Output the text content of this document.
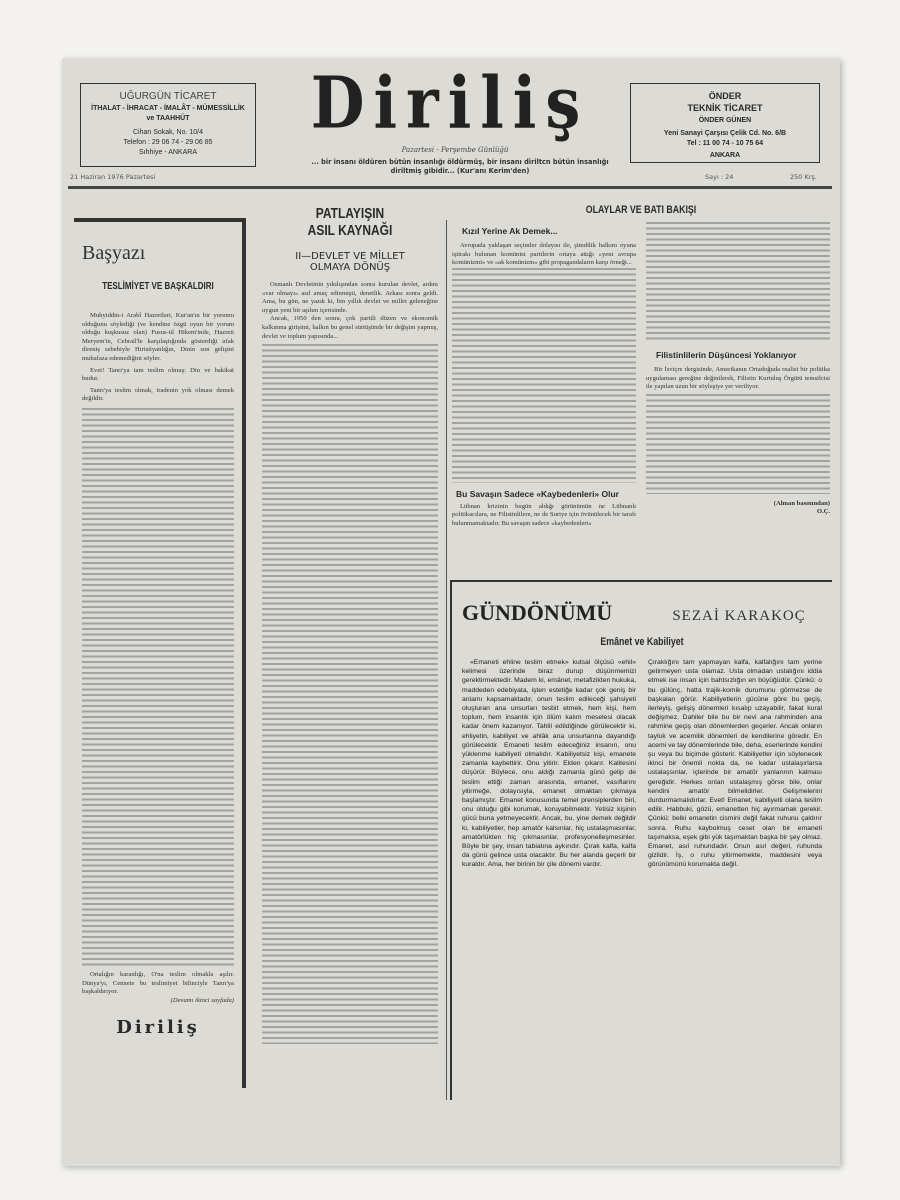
UĞURGÜN TİCARET
İTHALAT - İHRACAT - İMALÂT - MÜMESSİLLİK
ve TAAHHÜT
Cihan Sokak, No. 10/4
Telefon : 29 06 74 - 29 06 85
Sıhhiye - ANKARA
Diriliş
Pazartesi - Perşembe Günlüğü
... bir insanı öldüren bütün insanlığı öldürmüş, bir insanı diriltcn bütün insanlığı diriltmiş gibidir... (Kur'anı Kerim'den)
ÖNDER
TEKNİK TİCARET
ÖNDER GÜNEN
Yeni Sanayi Çarşısı Çelik Cd. No. 6/B
Tel : 11 00 74 - 10 75 64
ANKARA
21 Haziran 1976 Pazartesi	Sayı : 24	250 Krş.
Başyazı
TESLİMİYET VE BAŞKALDIRI

Muhyiddin-i Arabî Hazretleri, Kur'an'ın bir yorumu olduğunu söylediği (ve kendine özgü oyun bir yorum olduğu kuşkusuz olan) Fusus-ül Hikem'inde, Hazreti Meryem'in, Cebrail'le karşılaştığında gösterdiği ufak direniş sebebiyle Hıristiyanlığın, Dinin son gelişini muhafaza edemediğini söyler.

Evet! Tanrı'ya tam teslim olmuş: Din ve hakikat budur.

Tanrı'ya teslim olmak, iradenin yok olması demek değildir.

Ortalığın karanlığı, O'na teslim olmakla aşılır. Dünya'yı, Cennete bu teslimiyet bilinciyle Tanrı'ya başkaldırıyor.

(Devamı ikinci sayfada)

Diriliş
PATLAYIŞIN
ASIL KAYNAĞI
II—DEVLET VE MİLLET
OLMAYA DÖNÜŞ

Osmanlı Devletinin yıkılışından sonra kurulan devlet, ardını «var olmayı» asıl amaç edinmişti, denetlik. Arkası sonra geldi. Ama, bu gün, ne yazık ki, bin yıllık devlet ve millet geleneğine uygun yeni bir aşılım içerisinde.

Ancak, 1950 den sonra, çok partili düzen ve ekonomik kalkınma girişimi, halkın bu genel sürtüşünde bir değişim yapmış, devlet ve toplum yapısında...

OLAYLAR VE BATI BAKIŞI
Kızıl Yerine Ak Demek...

Avrupada yaklaşan seçimler dolayısı ile, şimdilik halkını oyuna iştirakı bulunan komünist partilerin ortaya attığı «yeni avrupa komünizmi» ve «ak komünizm» gibi propagandaların karşı örneği...

Bu Savaşın Sadece «Kaybedenleri» Olur

Lübnan krizinin bugün aldığı görünümün ne Lübnanlı politikacılara, ne Filistinlilere, ne de Suriye için övünülecek bir tarafı bulunmamaktadır. Bu savaşın sadece «kaybedenleri»

Filistinlilerin Düşüncesi Yoklanıyor

Bir İsviçre dergisinde, Amerikanın Ortadoğuda realist bir politika uygulaması gereğine değinilerek, Filistin Kurtuluş Örgütü temsilcisi ile yapılan uzun bir söyleşiye yer veriliyor.

(Alman basınından)
O.Ç.
GÜNDÖNÜMÜ	SEZAİ KARAKOÇ
Emânet ve Kabiliyet

«Emaneti ehline teslim etmek» kutsal ölçüsü «ehil» kelimesi üzerinde biraz durup düşünmemizi gerektirmektedir. Madem ki, emânet, metafizikten hukuka, maddeden edebiyata, işten estetiğe kadar çok geniş bir anlamı kapsamaktadır, onun teslim edileceği şahsiyeti oluşturan ana unsurları tesbit etmek, hem kişi, hem toplum, hem insanlık için ölüm kalım meselesi olacak kadar önem kazanıyor. Tahlil edildiğinde görülecektir ki, ehliyetin, kabiliyet ve ahlâk ana unsurlarına dayandığı görülecektir. Emaneti teslim edeceğiniz insanın, onu yüklenme kabiliyeti olmalıdır. Kabiliyetsiz kişi, emanete zamanla kaybettirir. Onu yitirir. Elden çıkarır. Kalitesini düşürür. Böylece, onu aldığı zamanla günü gelip de teslim ettiği zaman arasında, emanet, vasıflarını yitirmeğe, dolayısıyla, emanet olmaktan çıkmaya başlamıştır. Emanet konusunda temel prensiplerden biri, onu olduğu gibi korumak, koruyabilmektir. Yetisiz kişinin gücü buna yetmeyecektir. Ancak, bu, yine demek değildir ki, kabiliyetler, hep amatör kalsınlar, hiç ustalaşmasınlar, amatörlükten hiç çıkmasınlar, profesyonelleşmesinler. Böyle bir şey, insan tabiatına aykırıdır. Çırak kalfa, kalfa da günü gelince usta olacaktır. Bu her alanda geçerli bir kuraldır. Ama, her birinin bir çile dönemi vardır.

Çıraklığını tam yapmayan kalfa, kalfalığını tam yerine getirmeyen usta olamaz. Usta olmadan ustalığını iddia etmek ise insan için bahtsızlığın en büyüğüdür. Çünkü: o bu gülünç, hatta trajik-komik durumunu görmezse de başkaları görür. Kabiliyetlerin gücüne göre bu geçiş, ilerleyiş, gelişiş dönemleri kısalıp uzayabilir, fakat kural değişmez. Dahiler bile bu bir nevi ana rahminden ana rahmine geçiş olan dönemlerden geçerler. Ancak onların tayluk ve acemilik dönemleri de kendilerine göredir. En acemi ve tay dönemlerinde bile, deha, eserlerinde kendini şu veya bu biçimde gösterir. Kabiliyetler için söylenecek ikinci bir önemli nokta da, ne kadar ustalaşırlarsa ustalaşsınlar, içlerinde bir amatör yanlarının kalması gereğidir. Herkes onları ustalaşmış görse bile, onlar kendini amatör bilmelidirler. Gelişmelerini durdurmamalıdırlar. Evet! Emanet, kabiliyetli olana teslim edilir. Habbuki, gözü, emanetten hiç ayırmamak gerekir. Çünkü: belki emanetin cismini değil fakat ruhunu çaldırır sonra. Ruhu kaybolmuş ceset olan bir emaneti taşımaksa, eşek gibi yük taşımaktan başka bir şey olmaz. Emanet, asıl ruhundadır. Onun asıl değeri, ruhunda gizlidir. İş, o ruhu yitirmemekte, maddesini veya görünümünü korumakta değil.
